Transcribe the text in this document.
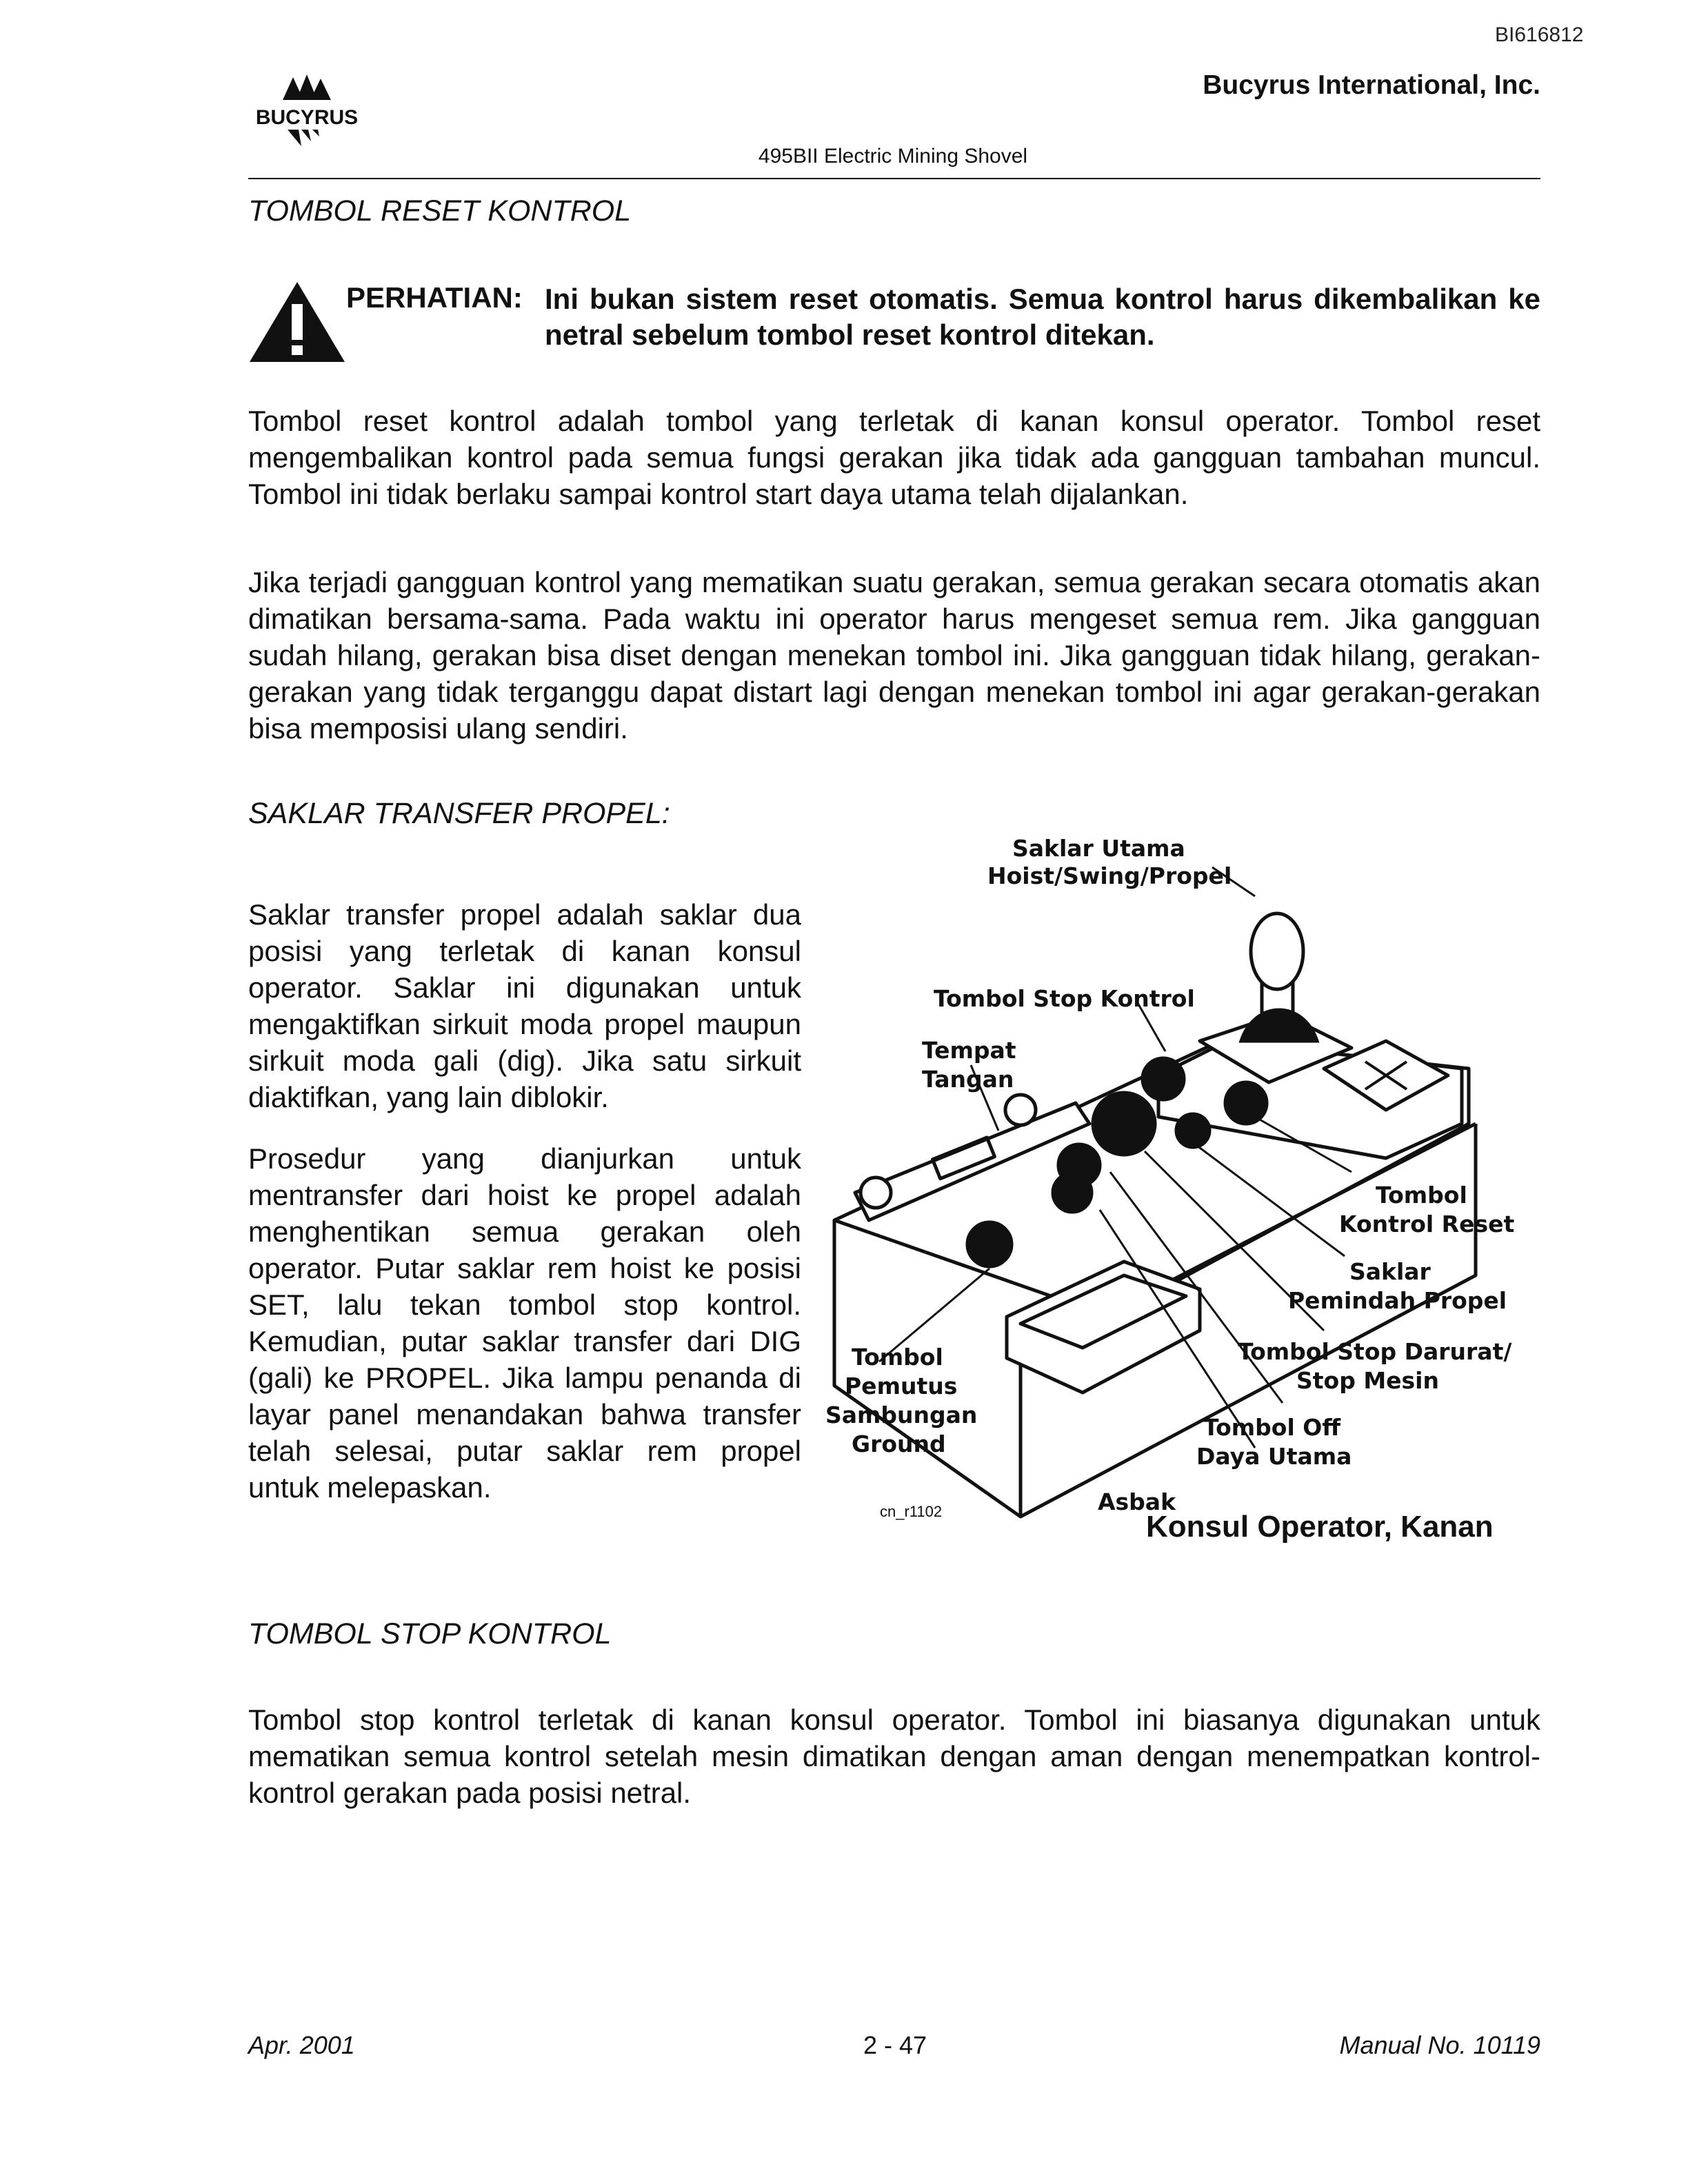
BI616812
BUCYRUS
Bucyrus International, Inc.
495BII Electric Mining Shovel
TOMBOL RESET KONTROL
PERHATIAN: Ini bukan sistem reset otomatis. Semua kontrol harus dikembalikan ke netral sebelum tombol reset kontrol ditekan.
Tombol reset kontrol adalah tombol yang terletak di kanan konsul operator. Tombol reset mengembalikan kontrol pada semua fungsi gerakan jika tidak ada gangguan tambahan muncul. Tombol ini tidak berlaku sampai kontrol start daya utama telah dijalankan.
Jika terjadi gangguan kontrol yang mematikan suatu gerakan, semua gerakan secara otomatis akan dimatikan bersama-sama. Pada waktu ini operator harus mengeset semua rem. Jika gangguan sudah hilang, gerakan bisa diset dengan menekan tombol ini. Jika gangguan tidak hilang, gerakan-gerakan yang tidak terganggu dapat distart lagi dengan menekan tombol ini agar gerakan-gerakan bisa memposisi ulang sendiri.
SAKLAR TRANSFER PROPEL:
Saklar transfer propel adalah saklar dua posisi yang terletak di kanan konsul operator. Saklar ini digunakan untuk mengaktifkan sirkuit moda propel maupun sirkuit moda gali (dig). Jika satu sirkuit diaktifkan, yang lain diblokir.
Prosedur yang dianjurkan untuk mentransfer dari hoist ke propel adalah menghentikan semua gerakan oleh operator. Putar saklar rem hoist ke posisi SET, lalu tekan tombol stop kontrol. Kemudian, putar saklar transfer dari DIG (gali) ke PROPEL. Jika lampu penanda di layar panel menandakan bahwa transfer telah selesai, putar saklar rem propel untuk melepaskan.
Saklar Utama
Hoist/Swing/Propel
Tombol Stop Kontrol
Tempat
Tangan
Tombol
Kontrol Reset
Saklar
Pemindah Propel
Tombol Stop Darurat/
Stop Mesin
Tombol Off
Daya Utama
Asbak
Tombol
Pemutus
Sambungan
Ground
cn_r1102	Konsul Operator, Kanan
TOMBOL STOP KONTROL
Tombol stop kontrol terletak di kanan konsul operator. Tombol ini biasanya digunakan untuk mematikan semua kontrol setelah mesin dimatikan dengan aman dengan menempatkan kontrol-kontrol gerakan pada posisi netral.
Apr. 2001	2 - 47	Manual No. 10119
